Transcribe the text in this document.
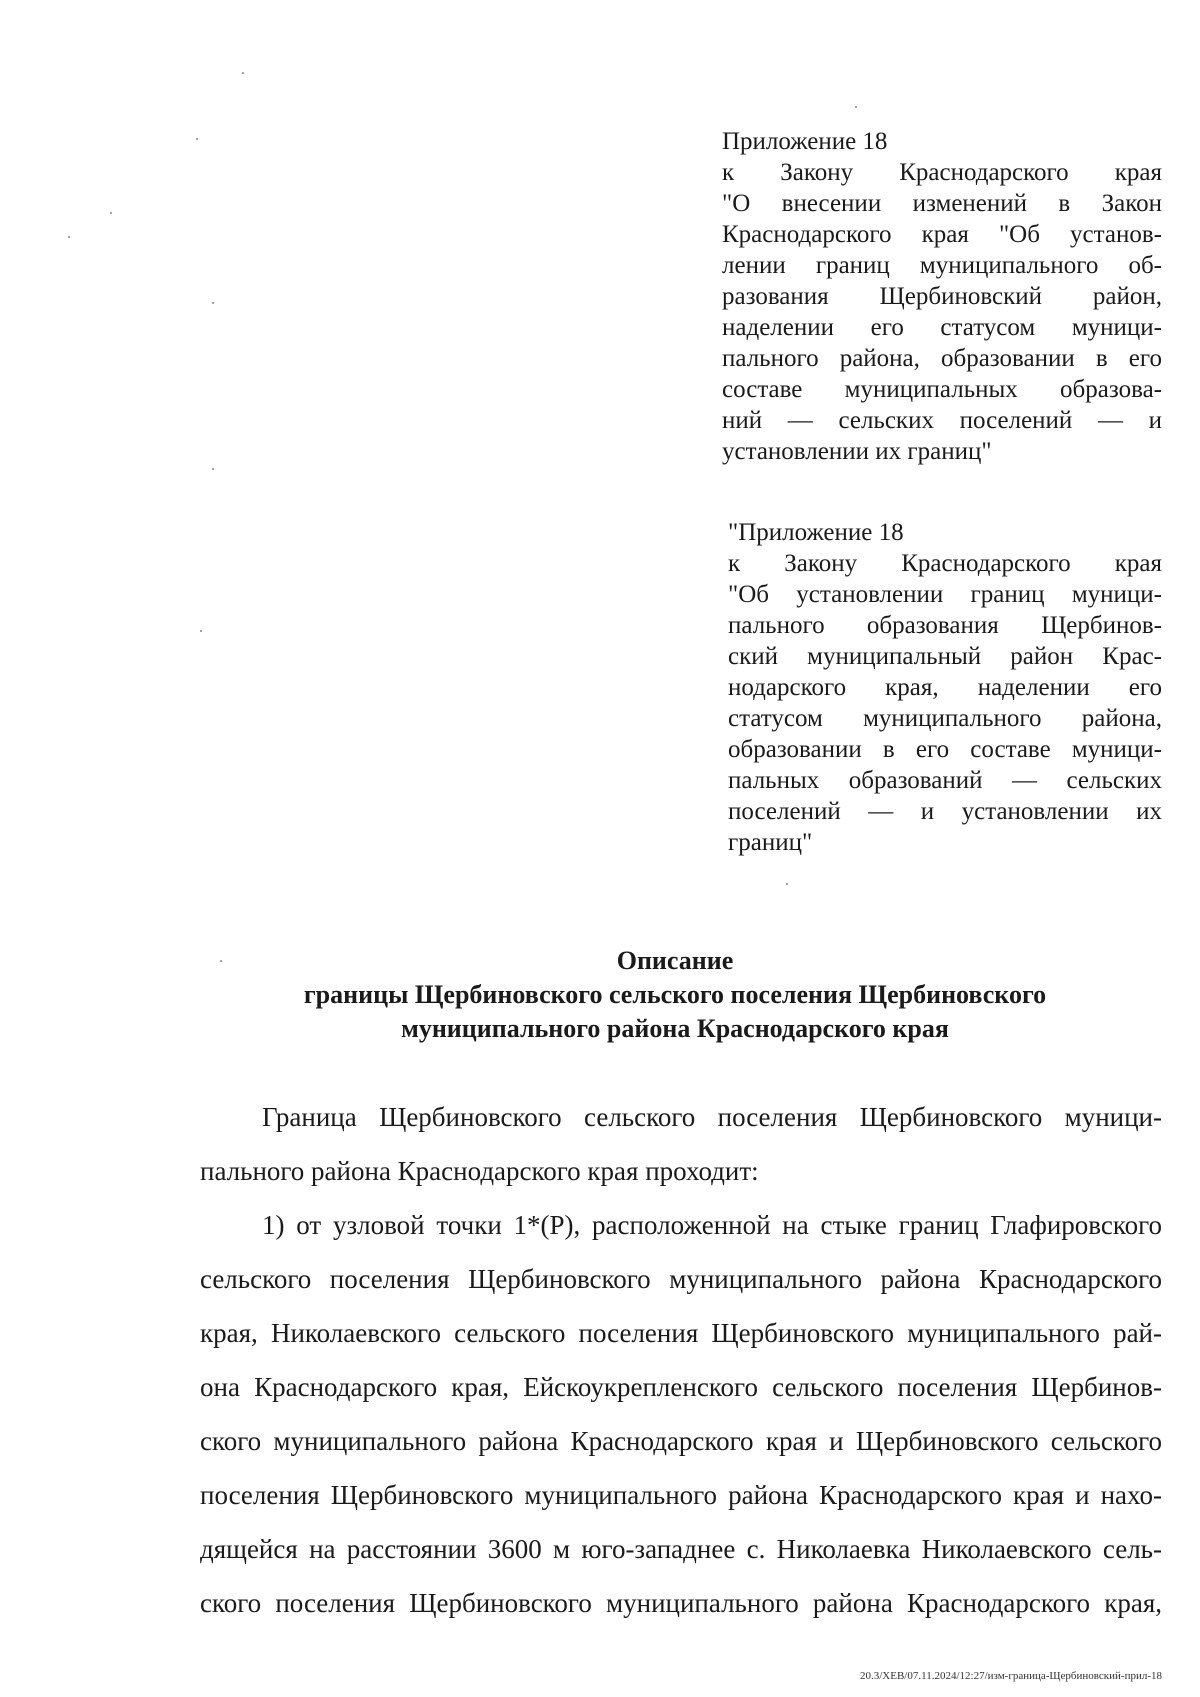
Приложение 18
к Закону Краснодарского края
"О внесении изменений в Закон
Краснодарского края "Об установ-
лении границ муниципального об-
разования Щербиновский район,
наделении его статусом муници-
пального района, образовании в его
составе муниципальных образова-
ний — сельских поселений — и
установлении их границ"
"Приложение 18
к Закону Краснодарского края
"Об установлении границ муници-
пального образования Щербинов-
ский муниципальный район Крас-
нодарского края, наделении его
статусом муниципального района,
образовании в его составе муници-
пальных образований — сельских
поселений — и установлении их
границ"
Описание
границы Щербиновского сельского поселения Щербиновского
муниципального района Краснодарского края
Граница Щербиновского сельского поселения Щербиновского муници-
пального района Краснодарского края проходит:
1) от узловой точки 1*(Р), расположенной на стыке границ Глафировского
сельского поселения Щербиновского муниципального района Краснодарского
края, Николаевского сельского поселения Щербиновского муниципального рай-
она Краснодарского края, Ейскоукрепленского сельского поселения Щербинов-
ского муниципального района Краснодарского края и Щербиновского сельского
поселения Щербиновского муниципального района Краснодарского края и нахо-
дящейся на расстоянии 3600 м юго-западнее с. Николаевка Николаевского сель-
ского поселения Щербиновского муниципального района Краснодарского края,
20.3/ХЕВ/07.11.2024/12:27/изм-граница-Щербиновский-прил-18
